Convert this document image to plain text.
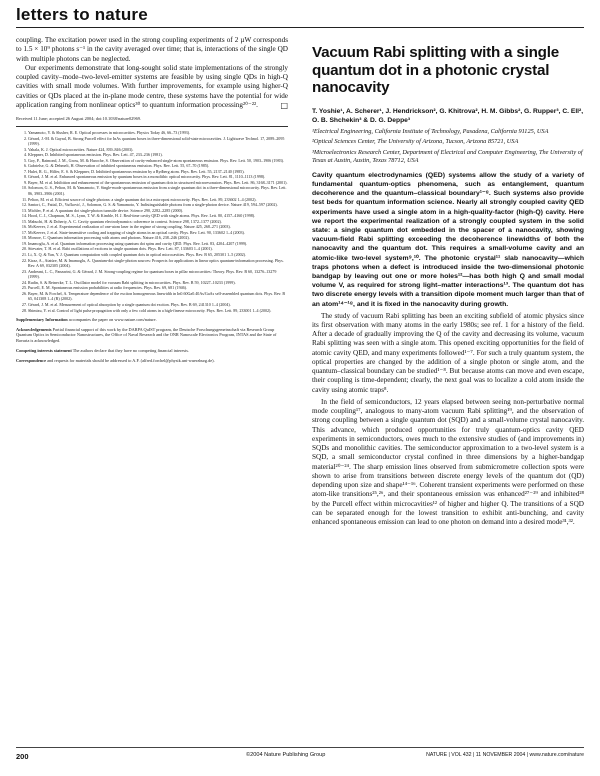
letters to nature

coupling. The excitation power used in the strong coupling experiments of 2 µW corresponds to 1.5 × 10⁹ photons s⁻¹ in the cavity averaged over time; that is, interactions of the single QD with multiple photons can be neglected.

Our experiments demonstrate that long-sought solid state implementations of the strongly coupled cavity–mode–two-level-emitter systems are feasible by using single QDs in high-Q cavities with small mode volumes. With further improvements, for example using higher-Q cavities or QDs placed at the in-plane mode centre, these systems have the potential for wide application ranging from nonlinear optics³⁰ to quantum information processing²⁰⁻²².	□

Received 11 June; accepted 26 August 2004; doi:10.1038/nature02969.
1. Yamamoto, Y. & Slusher, R. E. Optical processes in microcavities. Physics Today 46, 66–73 (1993).
2. Gérard, J.-M. & Gayral, B. Strong Purcell effect for InAs quantum boxes in three-dimensional solid-state microcavities. J. Lightwave Technol. 17, 2089–2095 (1999).
3. Vahala, K. J. Optical microcavities. Nature 424, 839–846 (2003).
4. Kleppner, D. Inhibited spontaneous emission. Phys. Rev. Lett. 47, 233–236 (1981).
5. Goy, P., Raimond, J. M., Gross, M. & Haroche, S. Observation of cavity-enhanced single-atom spontaneous emission. Phys. Rev. Lett. 50, 1903–1906 (1983).
6. Gabrielse, G. & Dehmelt, H. Observation of inhibited spontaneous emission. Phys. Rev. Lett. 55, 67–70 (1985).
7. Hulet, R. G., Hilfer, E. S. & Kleppner, D. Inhibited spontaneous emission by a Rydberg atom. Phys. Rev. Lett. 55, 2137–2140 (1985).
8. Gérard, J. M. et al. Enhanced spontaneous emission by quantum boxes in a monolithic optical microcavity. Phys. Rev. Lett. 81, 1110–1113 (1998).
9. Bayer, M. et al. Inhibition and enhancement of the spontaneous emission of quantum dots in structured microresonators. Phys. Rev. Lett. 86, 3168–3171 (2001).
10. Solomon, G. S., Pelton, M. & Yamamoto, Y. Single-mode spontaneous emission from a single quantum dot in a three-dimensional microcavity. Phys. Rev. Lett. 86, 3903–3906 (2001).
11. Pelton, M. et al. Efficient source of single photons: a single quantum dot in a micropost microcavity. Phys. Rev. Lett. 89, 233602 1–4 (2002).
12. Santori, C., Fattal, D., Vučković, J., Solomon, G. S. & Yamamoto, Y. Indistinguishable photons from a single-photon device. Nature 419, 594–597 (2002).
13. Michler, P. et al. A quantum dot single-photon turnstile device. Science 290, 2282–2285 (2000).
14. Hood, C. J., Chapman, M. S., Lynn, T. W. & Kimble, H. J. Real-time cavity QED with single atoms. Phys. Rev. Lett. 80, 4157–4160 (1998).
15. Mabuchi, H. & Doherty, A. C. Cavity quantum electrodynamics: coherence in context. Science 298, 1372–1377 (2002).
16. McKeever, J. et al. Experimental realization of one-atom laser in the regime of strong coupling. Nature 425, 268–271 (2003).
17. McKeever, J. et al. State-insensitive cooling and trapping of single atoms in an optical cavity. Phys. Rev. Lett. 90, 133602 1–4 (2003).
18. Monroe, C. Quantum information processing with atoms and photons. Nature 416, 238–246 (2002).
19. Imamoglu, A. et al. Quantum information processing using quantum dot spins and cavity QED. Phys. Rev. Lett. 83, 4204–4207 (1999).
20. Stievater, T. H. et al. Rabi oscillations of excitons in single quantum dots. Phys. Rev. Lett. 87, 133603 1–4 (2001).
21. Li, X. Q. & Yan, Y. J. Quantum computation with coupled quantum dots in optical microcavities. Phys. Rev. B 65, 205301 1–5 (2002).
22. Kiraz, A., Atatüre, M. & Imamoglu, A. Quantum-dot single-photon sources: Prospects for applications in linear optics quantum-information processing. Phys. Rev. A 69, 032305 (2004).
23. Andreani, L. C., Panzarini, G. & Gérard, J. M. Strong-coupling regime for quantum boxes in pillar microcavities: Theory. Phys. Rev. B 60, 13276–13279 (1999).
24. Rudin, S. & Reinecke, T. L. Oscillator model for vacuum Rabi splitting in microcavities. Phys. Rev. B 59, 10227–10233 (1999).
25. Purcell, E. M. Spontaneous emission probabilities at radio frequencies. Phys. Rev. 69, 681 (1946).
26. Bayer, M. & Forchel, A. Temperature dependence of the exciton homogeneous linewidth in In0.60Ga0.40As/GaAs self-assembled quantum dots. Phys. Rev. B 65, 041308 1–4 (R) (2002).
27. Gérard, J. M. et al. Measurement of optical absorption by a single quantum dot exciton. Phys. Rev. B 69, 241310 1–4 (2004).
28. Shimizu, Y. et al. Control of light pulse propagation with only a few cold atoms in a high-finesse microcavity. Phys. Rev. Lett. 89, 233001 1–4 (2002).
Supplementary Information accompanies the paper on www.nature.com/nature.
Acknowledgements Partial financial support of this work by the DARPA QuIST program, the Deutsche Forschungsgemeinschaft via Research Group Quantum Optics in Semiconductor Nanostructures, the Office of Naval Research and the ONR Nanoscale Electronics Program, INTAS and the State of Bavaria is acknowledged.
Competing interests statement The authors declare that they have no competing financial interests.
Correspondence and requests for materials should be addressed to A.F. (alfred.forchel@physik.uni-wuerzburg.de).
Vacuum Rabi splitting with a single quantum dot in a photonic crystal nanocavity
T. Yoshie¹, A. Scherer¹, J. Hendrickson², G. Khitrova², H. M. Gibbs², G. Rupper³, C. Ell², O. B. Shchekin³ & D. G. Deppe³
¹Electrical Engineering, California Institute of Technology, Pasadena, California 91125, USA
²Optical Sciences Center, The University of Arizona, Tucson, Arizona 85721, USA
³Microelectronics Research Center, Department of Electrical and Computer Engineering, The University of Texas at Austin, Austin, Texas 78712, USA

Cavity quantum electrodynamics (QED) systems allow the study of a variety of fundamental quantum-optics phenomena, such as entanglement, quantum decoherence and the quantum–classical boundary¹⁻⁸. Such systems also provide test beds for quantum information science. Nearly all strongly coupled cavity QED experiments have used a single atom in a high-quality-factor (high-Q) cavity. Here we report the experimental realization of a strongly coupled system in the solid state: a single quantum dot embedded in the spacer of a nanocavity, showing vacuum-field Rabi splitting exceeding the decoherence linewidths of both the nanocavity and the quantum dot. This requires a small-volume cavity and an atomic-like two-level system⁹,¹⁰. The photonic crystal¹¹ slab nanocavity—which traps photons when a defect is introduced inside the two-dimensional photonic bandgap by leaving out one or more holes¹²—has both high Q and small modal volume V, as required for strong light–matter interactions¹³. The quantum dot has two discrete energy levels with a transition dipole moment much larger than that of an atom¹⁴⁻¹⁸, and it is fixed in the nanocavity during growth.

The study of vacuum Rabi splitting has been an exciting subfield of atomic physics since its first observation with many atoms in the early 1980s; see ref. 1 for a history of the field. After a decade of gradually improving the Q of the cavity and decreasing its volume, vacuum Rabi splitting was seen with a single atom. This opened exciting opportunities for the field of atomic cavity QED, and many experiments followed¹⁻⁷. For such a truly quantum system, the optical properties are changed by the addition of a single photon or single atom, and the quantum–classical boundary can be studied¹⁻⁸. But because atoms can move and even escape, their coupling is time-dependent; clearly, the next goal was to localize a cold atom inside the cavity using atomic traps⁸.

In the field of semiconductors, 12 years elapsed between seeing non-perturbative normal mode coupling¹⁷, analogous to many-atom vacuum Rabi splitting¹⁹, and the observation of strong coupling between a single quantum dot (SQD) and a small-volume crystal nanocavity. This advance, which produced opportunities for truly quantum-optics cavity QED experiments in semiconductors, owes much to the extensive studies of (and improvements in) SQDs and monolithic cavities. The semiconductor approximation to a two-level system is a SQD, a small semiconductor crystal confined in three dimensions by a higher-bandgap material²⁰⁻²⁴. The sharp emission lines observed from submicrometre collection spots were shown to arise from transitions between discrete energy levels of the quantum dot (QD) depending upon size and shape¹⁴⁻¹⁶. Coherent transient experiments were performed on these atom-like transitions²⁵,²⁶, and their spontaneous emission was enhanced²⁷⁻²⁹ and inhibited²⁸ by the Purcell effect within microcavities¹² of higher and higher Q. The transitions of a SQD can be separated enough for the lowest transition to exhibit anti-bunching, and cavity enhanced spontaneous emission can lead to one photon on demand into a desired mode³¹,³².

200	©2004 Nature Publishing Group	NATURE | VOL 432 | 11 NOVEMBER 2004 | www.nature.com/nature
